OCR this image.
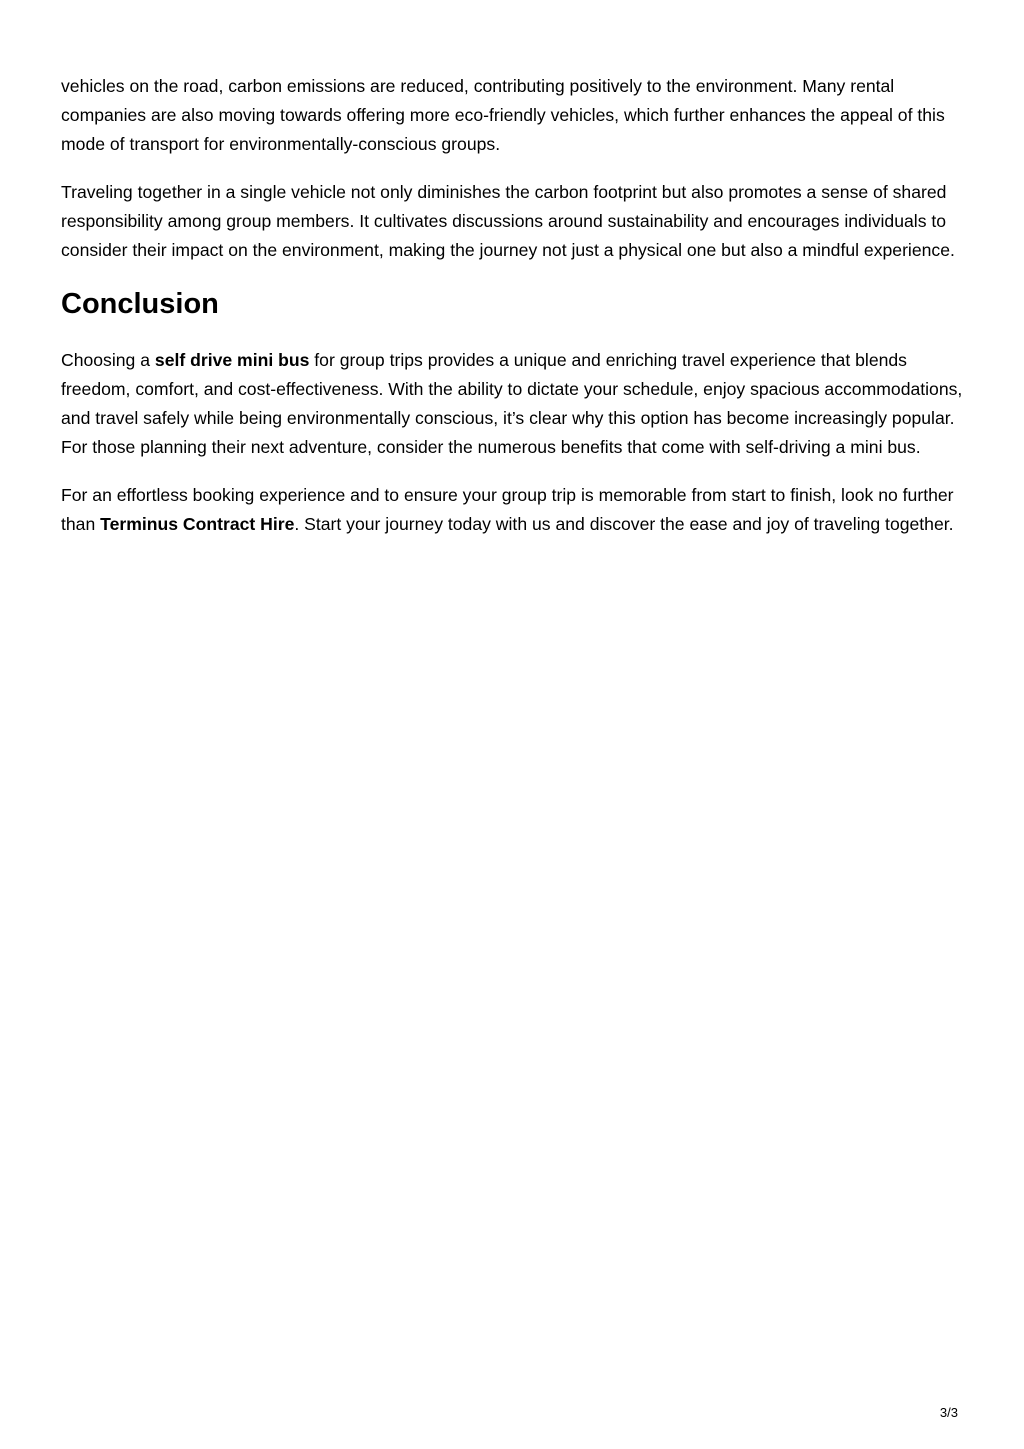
vehicles on the road, carbon emissions are reduced, contributing positively to the environment. Many rental companies are also moving towards offering more eco-friendly vehicles, which further enhances the appeal of this mode of transport for environmentally-conscious groups.

Traveling together in a single vehicle not only diminishes the carbon footprint but also promotes a sense of shared responsibility among group members. It cultivates discussions around sustainability and encourages individuals to consider their impact on the environment, making the journey not just a physical one but also a mindful experience.

Conclusion

Choosing a self drive mini bus for group trips provides a unique and enriching travel experience that blends freedom, comfort, and cost-effectiveness. With the ability to dictate your schedule, enjoy spacious accommodations, and travel safely while being environmentally conscious, it’s clear why this option has become increasingly popular. For those planning their next adventure, consider the numerous benefits that come with self-driving a mini bus.

For an effortless booking experience and to ensure your group trip is memorable from start to finish, look no further than Terminus Contract Hire. Start your journey today with us and discover the ease and joy of traveling together.

3/3
